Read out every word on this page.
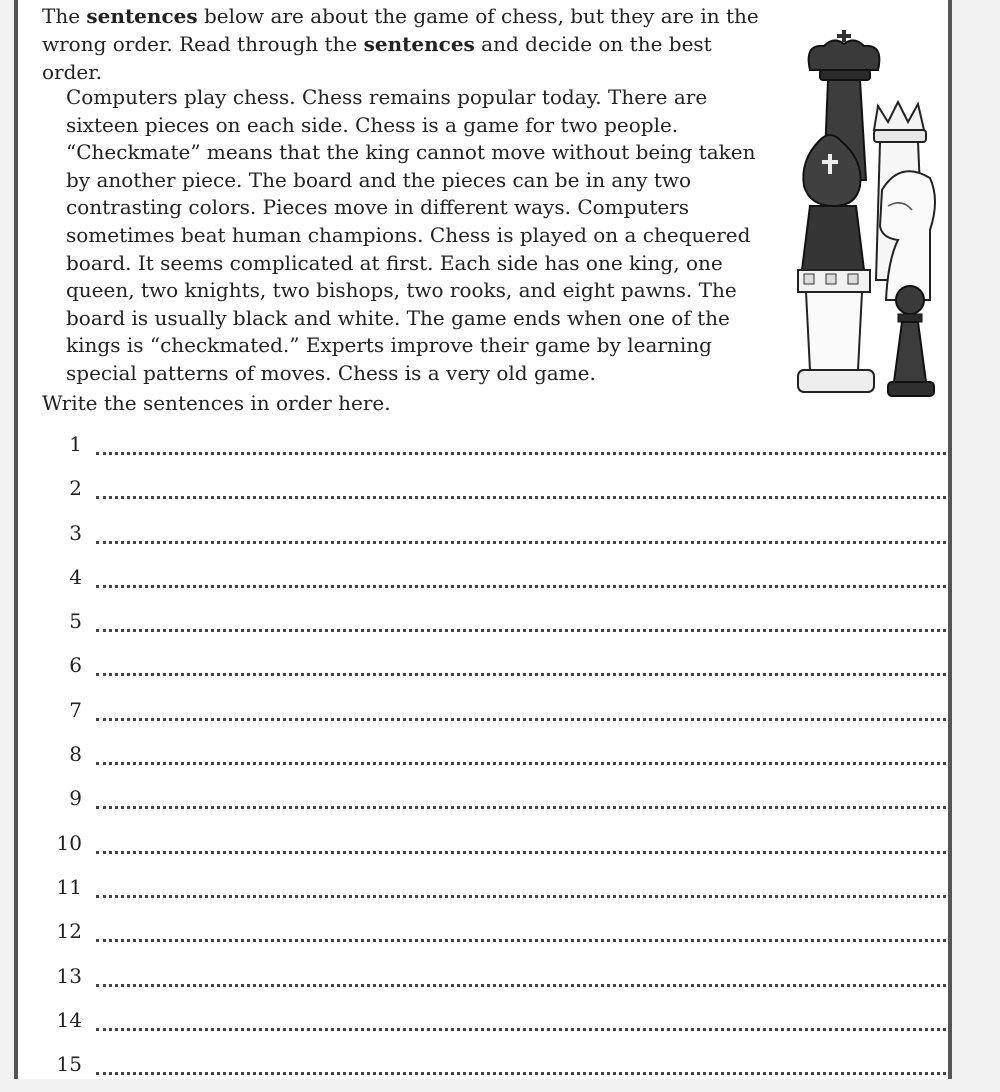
The sentences below are about the game of chess, but they are in the wrong order. Read through the sentences and decide on the best order.

Computers play chess. Chess remains popular today. There are sixteen pieces on each side. Chess is a game for two people. “Checkmate” means that the king cannot move without being taken by another piece. The board and the pieces can be in any two contrasting colors. Pieces move in different ways. Computers sometimes beat human champions. Chess is played on a chequered board. It seems complicated at first. Each side has one king, one queen, two knights, two bishops, two rooks, and eight pawns. The board is usually black and white. The game ends when one of the kings is “checkmated.” Experts improve their game by learning special patterns of moves. Chess is a very old game.

Write the sentences in order here.

1
2
3
4
5
6
7
8
9
10
11
12
13
14
15
